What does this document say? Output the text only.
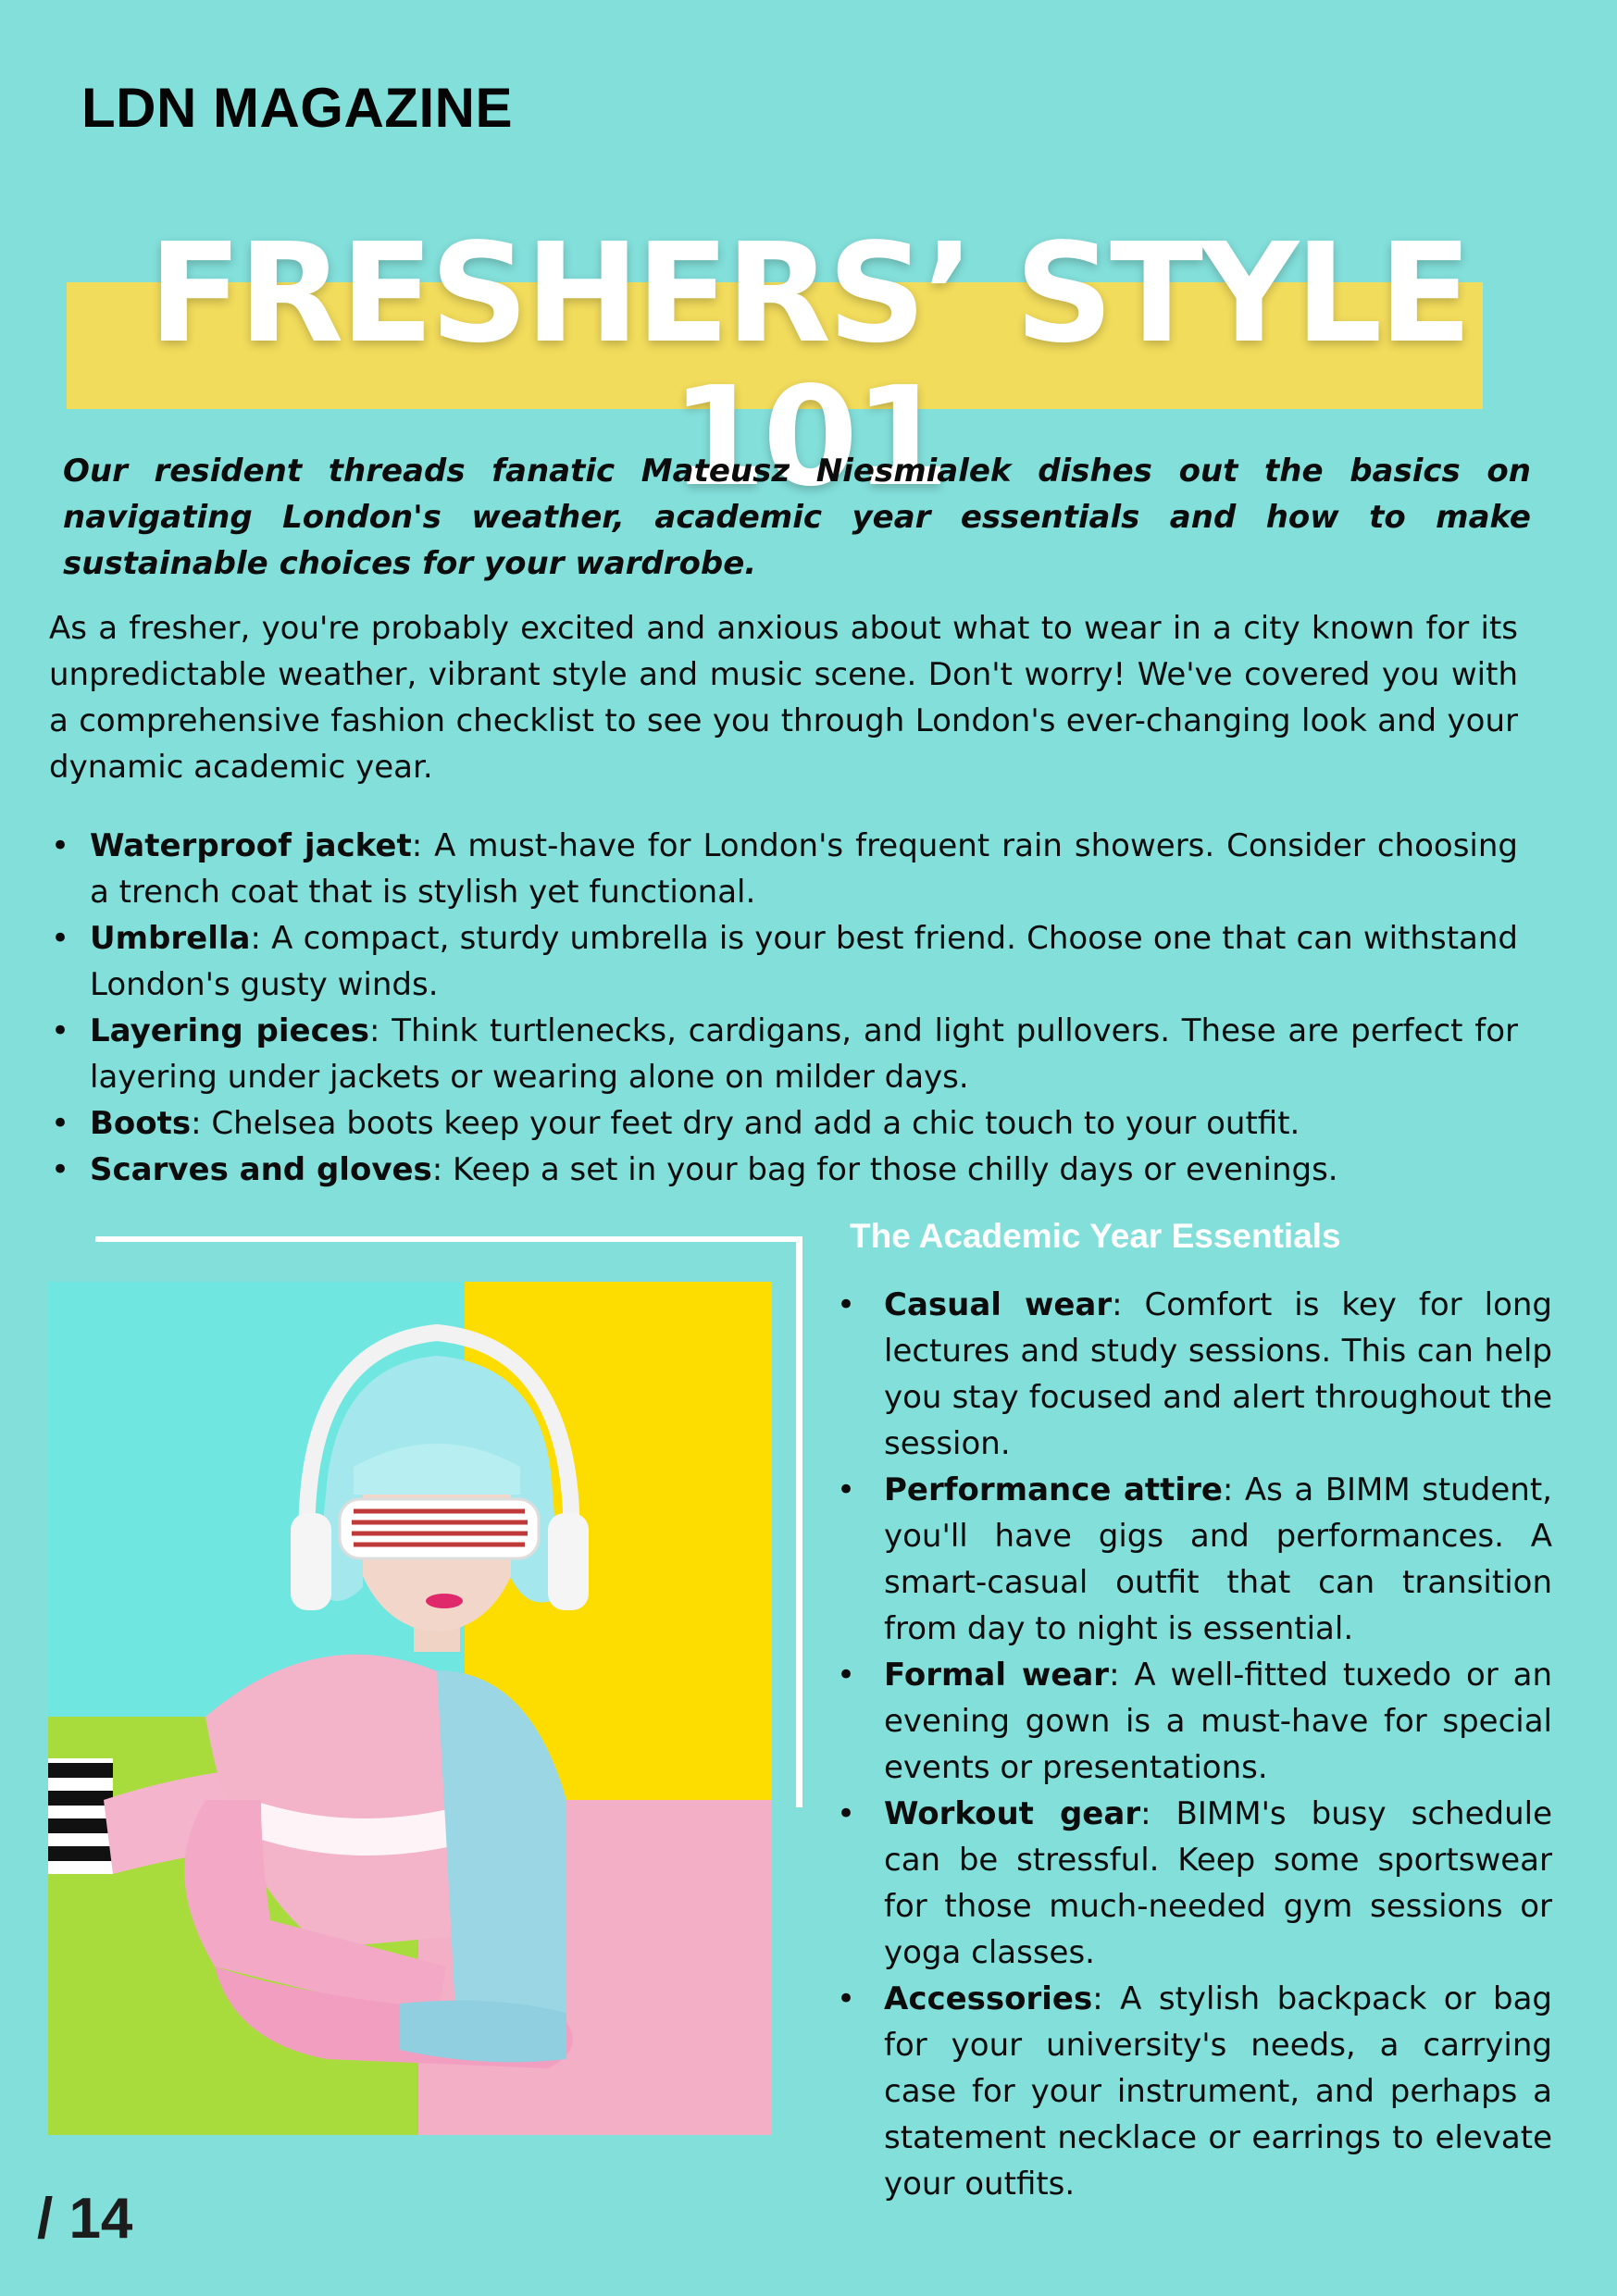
LDN MAGAZINE
FRESHERS’ STYLE 101

Our resident threads fanatic Mateusz Niesmialek dishes out the basics on navigating London's weather, academic year essentials and how to make sustainable choices for your wardrobe.

As a fresher, you're probably excited and anxious about what to wear in a city known for its unpredictable weather, vibrant style and music scene. Don't worry! We've covered you with a comprehensive fashion checklist to see you through London's ever-changing look and your dynamic academic year.

• Waterproof jacket: A must-have for London's frequent rain showers. Consider choosing a trench coat that is stylish yet functional.
• Umbrella: A compact, sturdy umbrella is your best friend. Choose one that can withstand London's gusty winds.
• Layering pieces: Think turtlenecks, cardigans, and light pullovers. These are perfect for layering under jackets or wearing alone on milder days.
• Boots: Chelsea boots keep your feet dry and add a chic touch to your outfit.
• Scarves and gloves: Keep a set in your bag for those chilly days or evenings.
The Academic Year Essentials
• Casual wear: Comfort is key for long lectures and study sessions. This can help you stay focused and alert throughout the session.
• Performance attire: As a BIMM student, you'll have gigs and performances. A smart-casual outfit that can transition from day to night is essential.
• Formal wear: A well-fitted tuxedo or an evening gown is a must-have for special events or presentations.
• Workout gear: BIMM's busy schedule can be stressful. Keep some sportswear for those much-needed gym sessions or yoga classes.
• Accessories: A stylish backpack or bag for your university's needs, a carrying case for your instrument, and perhaps a statement necklace or earrings to elevate your outfits.
/ 14
